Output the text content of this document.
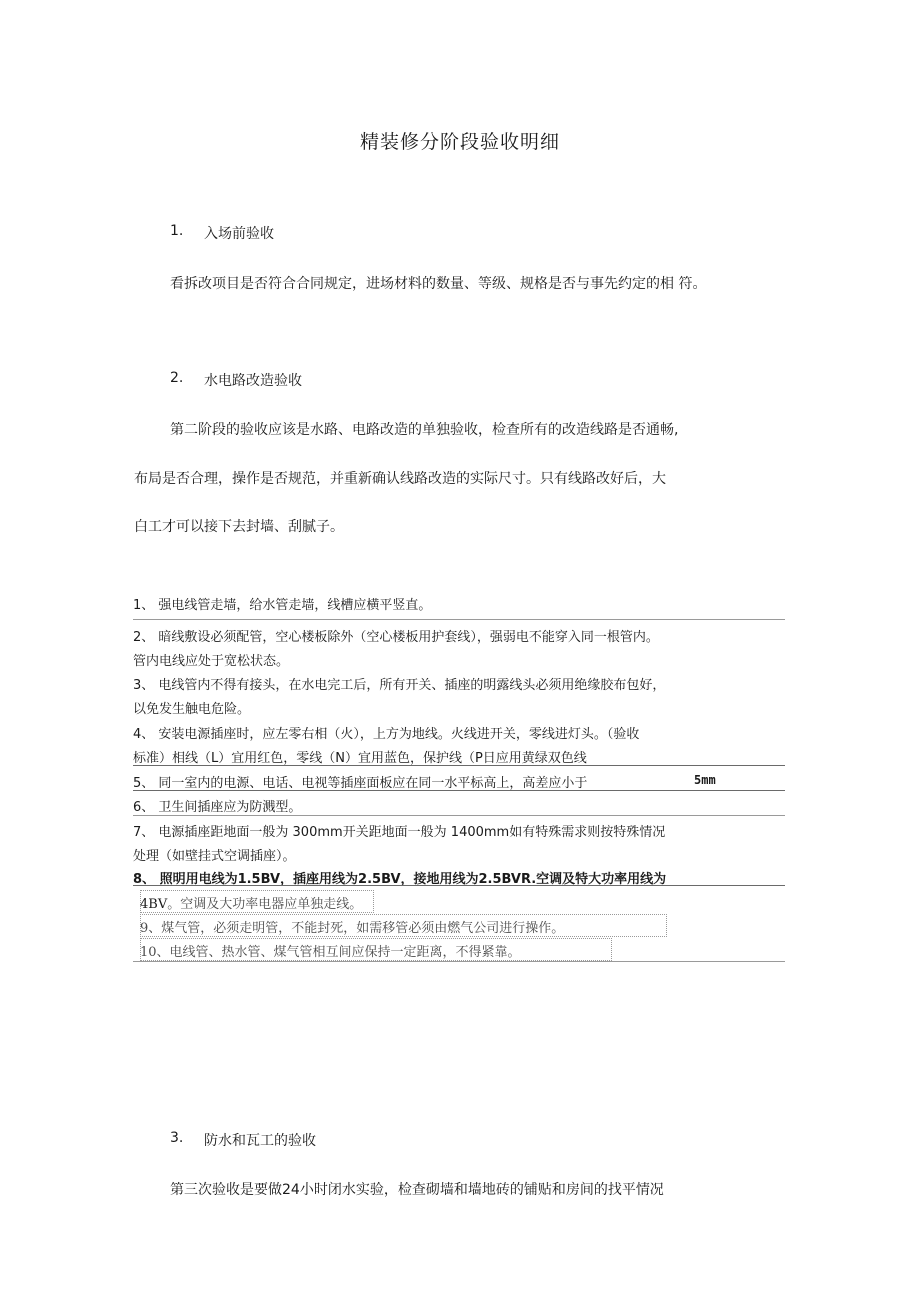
精装修分阶段验收明细
1. 入场前验收
看拆改项目是否符合合同规定，进场材料的数量、等级、规格是否与事先约定的相 符。
2. 水电路改造验收
第二阶段的验收应该是水路、电路改造的单独验收，检查所有的改造线路是否通畅,
布局是否合理，操作是否规范，并重新确认线路改造的实际尺寸。只有线路改好后，大
白工才可以接下去封墙、刮腻子。
1、 强电线管走墙，给水管走墙，线槽应横平竖直。
2、 暗线敷设必须配管，空心楼板除外（空心楼板用护套线），强弱电不能穿入同一根管内。
管内电线应处于宽松状态。
3、 电线管内不得有接头，在水电完工后，所有开关、插座的明露线头必须用绝缘胶布包好，
以免发生触电危险。
4、 安装电源插座时，应左零右相（火），上方为地线。火线进开关，零线进灯头。（验收
标准）相线（L）宜用红色，零线（N）宜用蓝色，保护线（P日应用黄绿双色线
5、 同一室内的电源、电话、电视等插座面板应在同一水平标高上，高差应小于	5mm
6、 卫生间插座应为防溅型。
7、 电源插座距地面一般为 300mm开关距地面一般为 1400mm如有特殊需求则按特殊情况
处理（如壁挂式空调插座）。
8、 照明用电线为1.5BV，插座用线为2.5BV，接地用线为2.5BVR.空调及特大功率用线为
4BV。空调及大功率电器应单独走线。
9、煤气管，必须走明管，不能封死，如需移管必须由燃气公司进行操作。
10、电线管、热水管、煤气管相互间应保持一定距离，不得紧靠。
3. 防水和瓦工的验收
第三次验收是要做24小时闭水实验，检查砌墙和墙地砖的铺贴和房间的找平情况
